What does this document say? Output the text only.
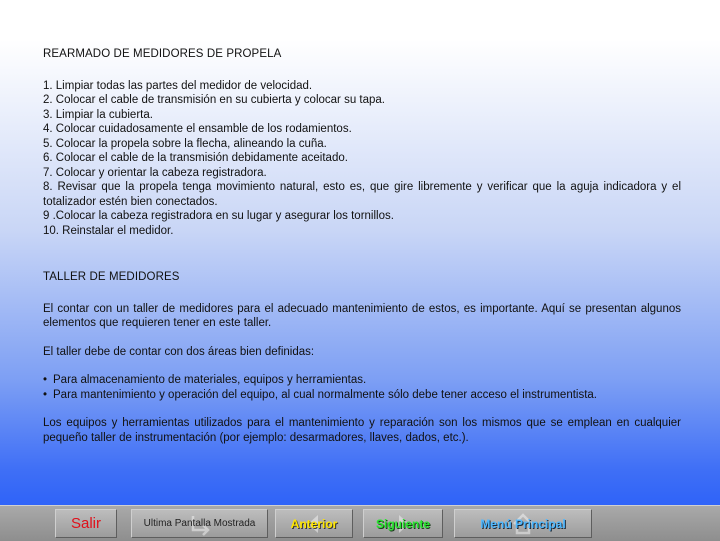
REARMADO DE MEDIDORES DE PROPELA
1. Limpiar todas las partes del medidor de velocidad.
2. Colocar el cable de transmisión en su cubierta y colocar su tapa.
3. Limpiar la cubierta.
4. Colocar cuidadosamente el ensamble de los rodamientos.
5. Colocar la propela sobre la flecha, alineando la cuña.
6. Colocar el cable de la transmisión debidamente aceitado.
7. Colocar y orientar la cabeza registradora.
8. Revisar que la propela tenga movimiento natural, esto es, que gire libremente y verificar que la aguja indicadora y el totalizador estén bien conectados.
9 .Colocar la cabeza registradora en su lugar y asegurar los tornillos.
10. Reinstalar el medidor.
TALLER DE MEDIDORES

El contar con un taller de medidores para el adecuado mantenimiento de estos, es importante. Aquí se presentan algunos elementos que requieren tener en este taller.

El taller debe de contar con dos áreas bien definidas:

• Para almacenamiento de materiales, equipos y herramientas.
• Para mantenimiento y operación del equipo, al cual normalmente sólo debe tener acceso el instrumentista.

Los equipos y herramientas utilizados para el mantenimiento y reparación son los mismos que se emplean en cualquier pequeño taller de instrumentación (por ejemplo: desarmadores, llaves, dados, etc.).

Salir	Ultima Pantalla Mostrada	Anterior	Siguiente	Menú Principal
